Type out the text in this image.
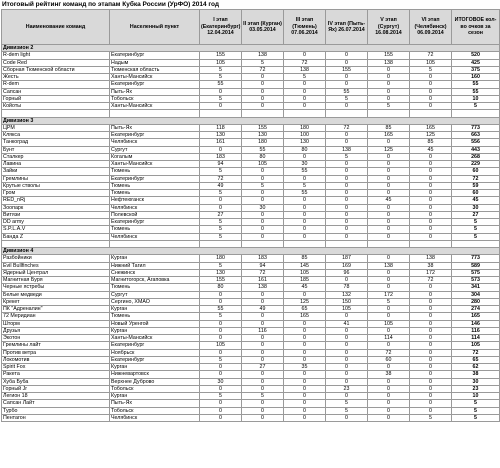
Итоговый рейтинг команд по этапам Кубка России (УрФО) 2014 год
Наименование команд	Населенный пункт	I этап (Екатеринбург) 12.04.2014	II этап (Курган) 03.05.2014	III этап (Тюмень) 07.06.2014	IV этап (Пыть-Ях) 26.07.2014	V этап (Сургут) 16.08.2014	VI этап (Челябинск) 06.09.2014	ИТОГОВОЕ кол-во очков за сезон
Дивизион 2								
R-dem light	Екатеринбург	155	138	0	0	155	72	520
Code Red	Надым	105	5	72	0	138	105	425
Сборная Тюменской области	Тюменская область	5	72	138	155	0	5	375
Жесть	Ханты-Мансийск	5	0	5	0	0	0	160
R-dem	Екатеринбург	55	0	0	0	0	0	55
Сапсан	Пыть-Ях	0	0	0	55	0	0	55
Горный	Тобольск	5	0	0	5	0	0	10
Койоты	Ханты-Мансийск	0	0	0	0	5	0	5

Дивизион 3								
ЦРМ	Пыть-Ях	118	155	180	72	85	165	773
Клякса	Екатеринбург	130	130	100	0	165	125	663
Танкоград	Челябинск	161	180	130	0	0	85	556
Бунт	Сургут	0	55	80	138	125	45	443
Сталкер	Когалым	183	80	0	5	0	0	268
Лавина	Ханты-Мансийск	94	105	30	0	0	0	229
Зайки	Тюмень	5	0	55	0	0	0	60
Гремлины	Екатеринбург	72	0	0	0	0	0	72
Крутые стволы	Тюмень	49	5	5	0	0	0	59
Гром	Тюмень	5	0	55	0	0	0	60
RED_nRj	Нефтеюганск	0	0	0	0	45	0	45
Зоопарк	Челябинск	0	30	0	0	0	0	30
Витязи	Полевской	27	0	0	0	0	0	27
DD army	Екатеринбург	5	0	0	0	0	0	5
S.P.L.A.V	Тюмень	5	0	0	0	0	0	5
Банда Z	Челябинск	5	0	0	0	0	0	5

Дивизион 4								
Разбойники	Курган	180	183	85	187	0	138	773
Evil Bullfinches	Нижний Тагил	5	94	145	169	138	38	589
Ядерный Централ	Снежинск	130	72	105	96	0	172	575
Магнитная Буря	Магнитогорск, Агаповка	155	161	185	0	0	72	573
Черные ястребы	Тюмень	80	138	45	78	0	0	341
Белые медведи	Сургут	0	0	0	132	172	0	304
Крекет	Сергино, ХМАО	0	0	125	150	5	0	280
ПК "Адреналин"	Курган	55	49	65	105	0	0	274
72 Меридиан	Тюмень	5	0	165	0	0	0	165
Шторм	Новый Уренгой	0	0	0	41	105	0	146
Друзья	Курган	0	116	0	0	0	0	116
Экотон	Ханты-Мансийск	0	0	0	0	114	0	114
Гремлины лайт	Екатеринбург	105	0	0	0	0	0	105
Против ветра	Ноябрьск	0	0	0	0	72	0	72
Локомотив	Екатеринбург	5	0	0	0	60	0	65
Spirit Fox	Курган	0	27	35	0	0	0	62
Ракета	Нижневартовск	0	0	0	0	38	0	38
Хуба Буба	Верхнее Дуброво	30	0	0	0	0	0	30
Горный Jr	Тобольск	0	0	0	23	0	0	23
Легион 18	Курган	5	5	0	0	0	0	10
Сапсан Лайт	Пыть-Ях	0	0	0	5	0	0	5
Турбо	Тобольск	0	0	0	5	0	0	5
Пентагон	Челябинск	0	0	0	0	0	5	5
